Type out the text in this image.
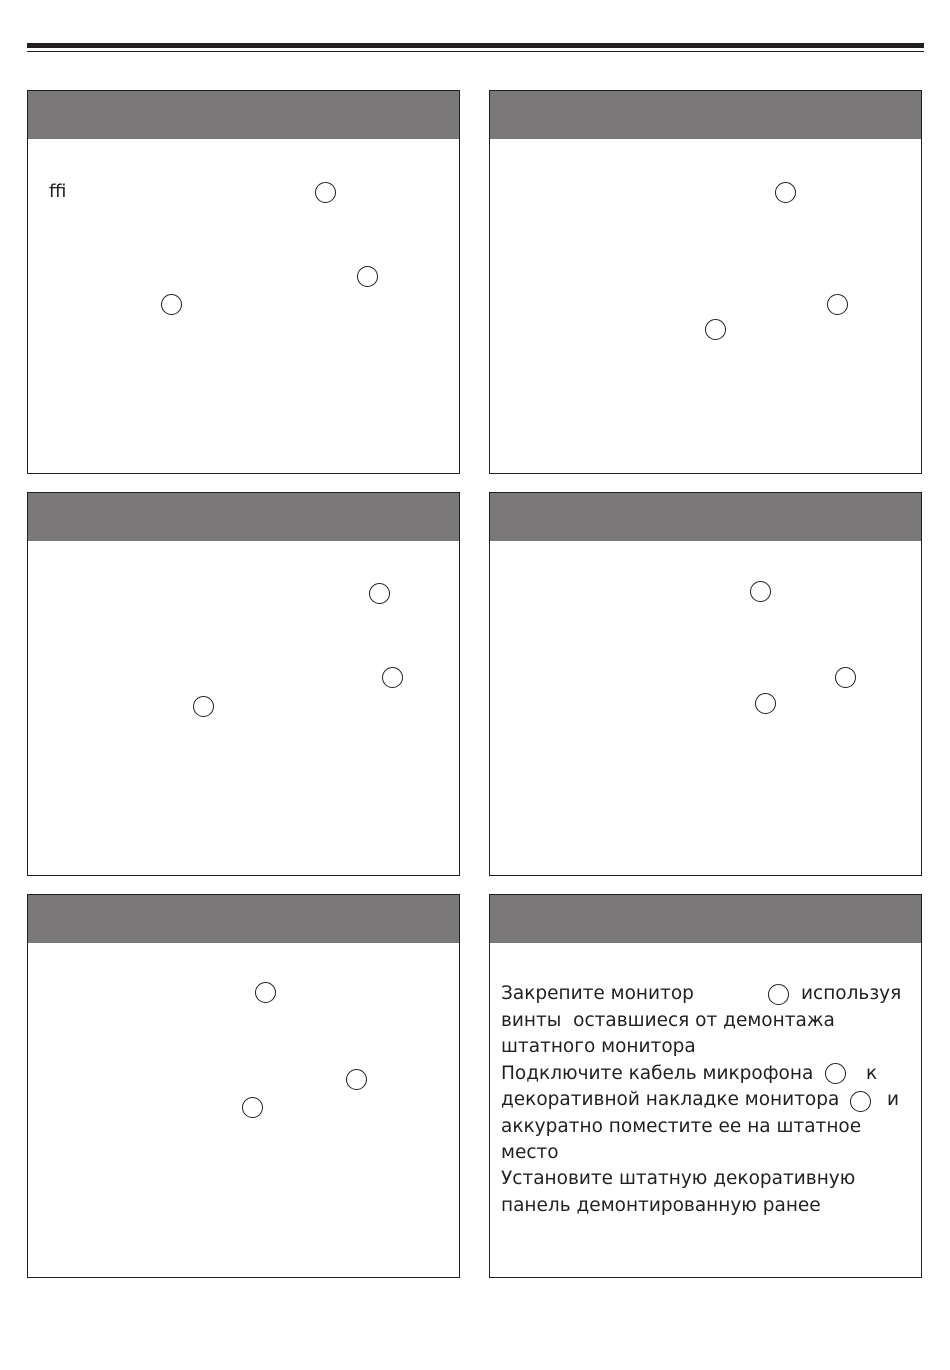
ﬃ
Закрепите монитор	используя
винты  оставшиеся от демонтажа
штатного монитора
Подключите кабель микрофона	к
декоративной накладке монитора	и
аккуратно поместите ее на штатное
место
Установите штатную декоративную
панель демонтированную ранее
